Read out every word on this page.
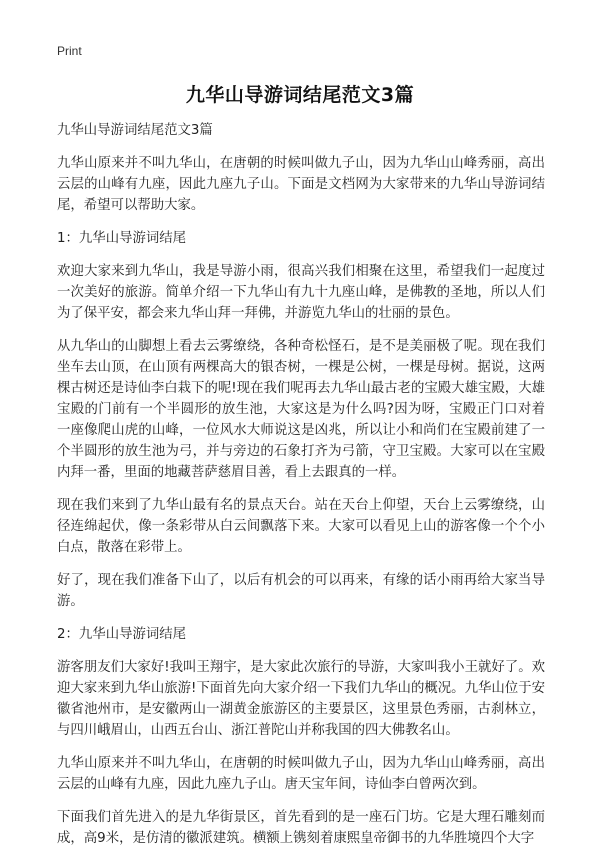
Print
九华山导游词结尾范文3篇

九华山导游词结尾范文3篇

九华山原来并不叫九华山，在唐朝的时候叫做九子山，因为九华山山峰秀丽，高出云层的山峰有九座，因此九座九子山。下面是文档网为大家带来的九华山导游词结尾，希望可以帮助大家。

1：九华山导游词结尾

欢迎大家来到九华山，我是导游小雨，很高兴我们相聚在这里，希望我们一起度过一次美好的旅游。简单介绍一下九华山有九十九座山峰，是佛教的圣地，所以人们为了保平安，都会来九华山拜一拜佛，并游览九华山的壮丽的景色。

从九华山的山脚想上看去云雾缭绕，各种奇松怪石，是不是美丽极了呢。现在我们坐车去山顶，在山顶有两棵高大的银杏树，一棵是公树，一棵是母树。据说，这两棵古树还是诗仙李白栽下的呢!现在我们呢再去九华山最古老的宝殿大雄宝殿，大雄宝殿的门前有一个半圆形的放生池，大家这是为什么吗?因为呀，宝殿正门口对着一座像爬山虎的山峰，一位风水大师说这是凶兆，所以让小和尚们在宝殿前建了一个半圆形的放生池为弓，并与旁边的石象打齐为弓箭，守卫宝殿。大家可以在宝殿内拜一番，里面的地藏菩萨慈眉目善，看上去跟真的一样。

现在我们来到了九华山最有名的景点天台。站在天台上仰望，天台上云雾缭绕，山径连绵起伏，像一条彩带从白云间飘落下来。大家可以看见上山的游客像一个个小白点，散落在彩带上。

好了，现在我们准备下山了，以后有机会的可以再来，有缘的话小雨再给大家当导游。

2：九华山导游词结尾

游客朋友们大家好!我叫王翔宇，是大家此次旅行的导游，大家叫我小王就好了。欢迎大家来到九华山旅游!下面首先向大家介绍一下我们九华山的概况。九华山位于安徽省池州市，是安徽两山一湖黄金旅游区的主要景区，这里景色秀丽，古刹林立，与四川峨眉山，山西五台山、浙江普陀山并称我国的四大佛教名山。

九华山原来并不叫九华山，在唐朝的时候叫做九子山，因为九华山山峰秀丽，高出云层的山峰有九座，因此九座九子山。唐天宝年间，诗仙李白曾两次到。

下面我们首先进入的是九华街景区，首先看到的是一座石门坊。它是大理石雕刻而成，高9米，是仿清的徽派建筑。横额上镌刻着康熙皇帝御书的九华胜境四个大字
